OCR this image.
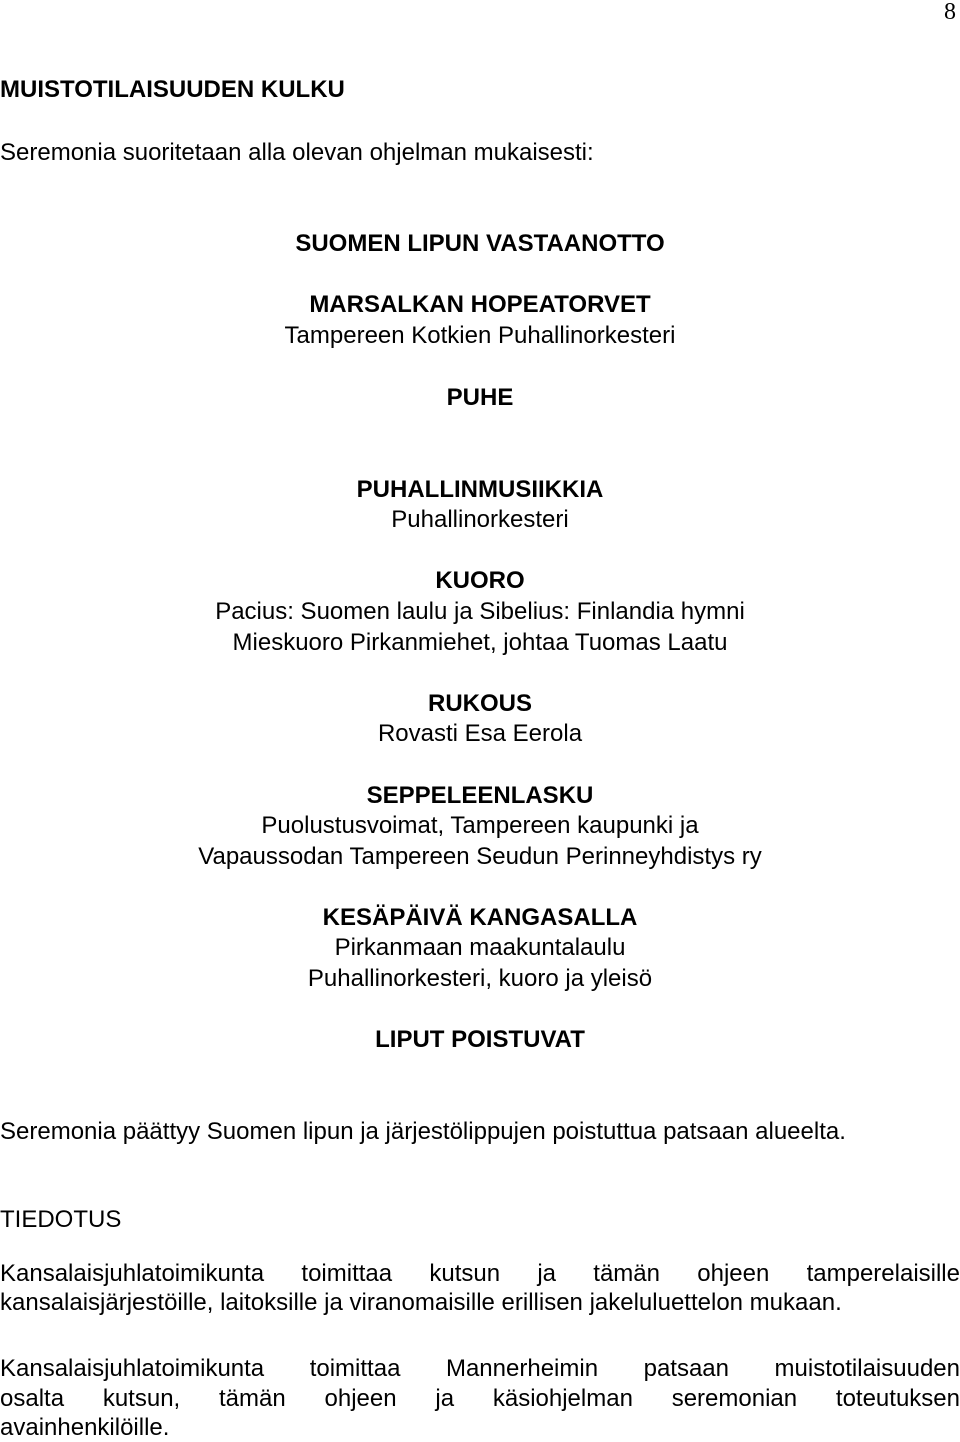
8
MUISTOTILAISUUDEN KULKU
Seremonia suoritetaan alla olevan ohjelman mukaisesti:
SUOMEN LIPUN VASTAANOTTO
MARSALKAN HOPEATORVET
Tampereen Kotkien Puhallinorkesteri
PUHE
PUHALLINMUSIIKKIA
Puhallinorkesteri
KUORO
Pacius: Suomen laulu ja Sibelius: Finlandia hymni
Mieskuoro Pirkanmiehet, johtaa Tuomas Laatu
RUKOUS
Rovasti Esa Eerola
SEPPELEENLASKU
Puolustusvoimat, Tampereen kaupunki ja
Vapaussodan Tampereen Seudun Perinneyhdistys ry
KESÄPÄIVÄ KANGASALLA
Pirkanmaan maakuntalaulu
Puhallinorkesteri, kuoro ja yleisö
LIPUT POISTUVAT
Seremonia päättyy Suomen lipun ja järjestölippujen poistuttua patsaan alueelta.
TIEDOTUS
Kansalaisjuhlatoimikunta toimittaa kutsun ja tämän ohjeen tamperelaisille
kansalaisjärjestöille, laitoksille ja viranomaisille erillisen jakeluluettelon mukaan.
Kansalaisjuhlatoimikunta toimittaa Mannerheimin patsaan muistotilaisuuden
osalta kutsun, tämän ohjeen ja käsiohjelman seremonian toteutuksen
avainhenkilöille.
